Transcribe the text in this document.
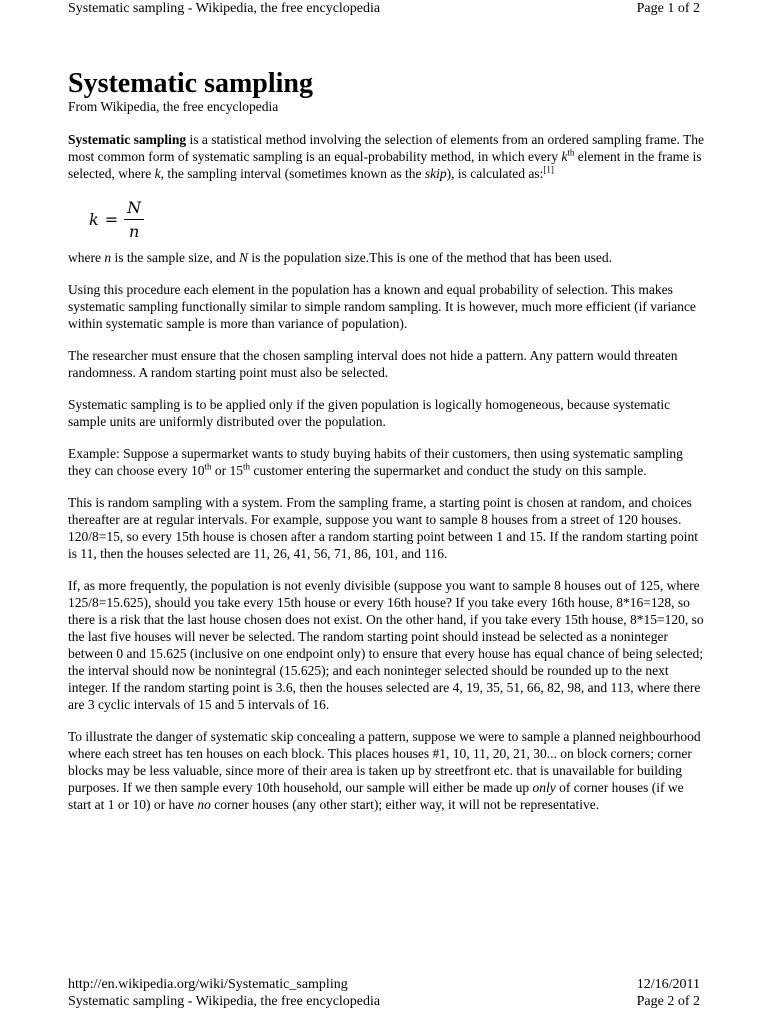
Systematic sampling - Wikipedia, the free encyclopedia	Page 1 of 2
Systematic sampling
From Wikipedia, the free encyclopedia

Systematic sampling is a statistical method involving the selection of elements from an ordered sampling frame. The most common form of systematic sampling is an equal-probability method, in which every $k^{th}$ element in the frame is selected, where k, the sampling interval (sometimes known as the skip), is calculated as:[1]

$k = \frac{N}{n}$

where n is the sample size, and N is the population size.This is one of the method that has been used.

Using this procedure each element in the population has a known and equal probability of selection. This makes systematic sampling functionally similar to simple random sampling. It is however, much more efficient (if variance within systematic sample is more than variance of population).

The researcher must ensure that the chosen sampling interval does not hide a pattern. Any pattern would threaten randomness. A random starting point must also be selected.

Systematic sampling is to be applied only if the given population is logically homogeneous, because systematic sample units are uniformly distributed over the population.

Example: Suppose a supermarket wants to study buying habits of their customers, then using systematic sampling they can choose every 10th or 15th customer entering the supermarket and conduct the study on this sample.

This is random sampling with a system. From the sampling frame, a starting point is chosen at random, and choices thereafter are at regular intervals. For example, suppose you want to sample 8 houses from a street of 120 houses. 120/8=15, so every 15th house is chosen after a random starting point between 1 and 15. If the random starting point is 11, then the houses selected are 11, 26, 41, 56, 71, 86, 101, and 116.

If, as more frequently, the population is not evenly divisible (suppose you want to sample 8 houses out of 125, where 125/8=15.625), should you take every 15th house or every 16th house? If you take every 16th house, 8*16=128, so there is a risk that the last house chosen does not exist. On the other hand, if you take every 15th house, 8*15=120, so the last five houses will never be selected. The random starting point should instead be selected as a noninteger between 0 and 15.625 (inclusive on one endpoint only) to ensure that every house has equal chance of being selected; the interval should now be nonintegral (15.625); and each noninteger selected should be rounded up to the next integer. If the random starting point is 3.6, then the houses selected are 4, 19, 35, 51, 66, 82, 98, and 113, where there are 3 cyclic intervals of 15 and 5 intervals of 16.

To illustrate the danger of systematic skip concealing a pattern, suppose we were to sample a planned neighbourhood where each street has ten houses on each block. This places houses #1, 10, 11, 20, 21, 30... on block corners; corner blocks may be less valuable, since more of their area is taken up by streetfront etc. that is unavailable for building purposes. If we then sample every 10th household, our sample will either be made up only of corner houses (if we start at 1 or 10) or have no corner houses (any other start); either way, it will not be representative.

http://en.wikipedia.org/wiki/Systematic_sampling	12/16/2011
Systematic sampling - Wikipedia, the free encyclopedia	Page 2 of 2
